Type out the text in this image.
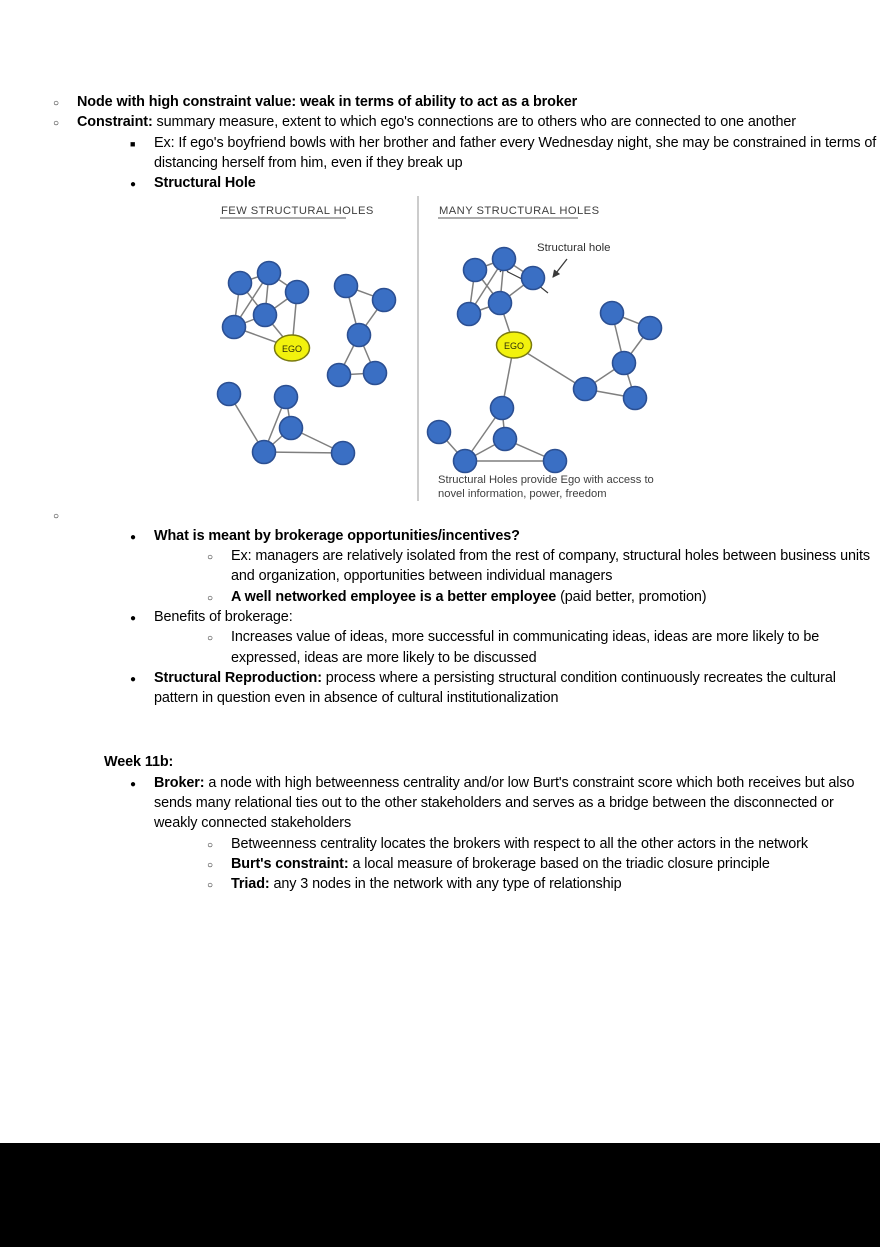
○
Node with high constraint value: weak in terms of ability to act as a broker
○
Constraint: summary measure, extent to which ego's connections are to others who are connected to one another
■
Ex: If ego's boyfriend bowls with her brother and father every Wednesday night, she may be constrained in terms of distancing herself from him, even if they break up
●
Structural Hole
FEW STRUCTURAL HOLES
EGO
MANY STRUCTURAL HOLES
Structural hole
EGO
Structural Holes provide Ego with access to
novel information, power, freedom
○

●
What is meant by brokerage opportunities/incentives?
○
Ex: managers are relatively isolated from the rest of company, structural holes between business units and organization, opportunities between individual managers
○
A well networked employee is a better employee (paid better, promotion)
●
Benefits of brokerage:
○
Increases value of ideas, more successful in communicating ideas, ideas are more likely to be expressed, ideas are more likely to be discussed
●
Structural Reproduction: process where a persisting structural condition continuously recreates the cultural pattern in question even in absence of cultural institutionalization
Week 11b:
●
Broker: a node with high betweenness centrality and/or low Burt's constraint score which both receives but also sends many relational ties out to the other stakeholders and serves as a bridge between the disconnected or weakly connected stakeholders
○
Betweenness centrality locates the brokers with respect to all the other actors in the network
○
Burt's constraint: a local measure of brokerage based on the triadic closure principle
○
Triad: any 3 nodes in the network with any type of relationship
